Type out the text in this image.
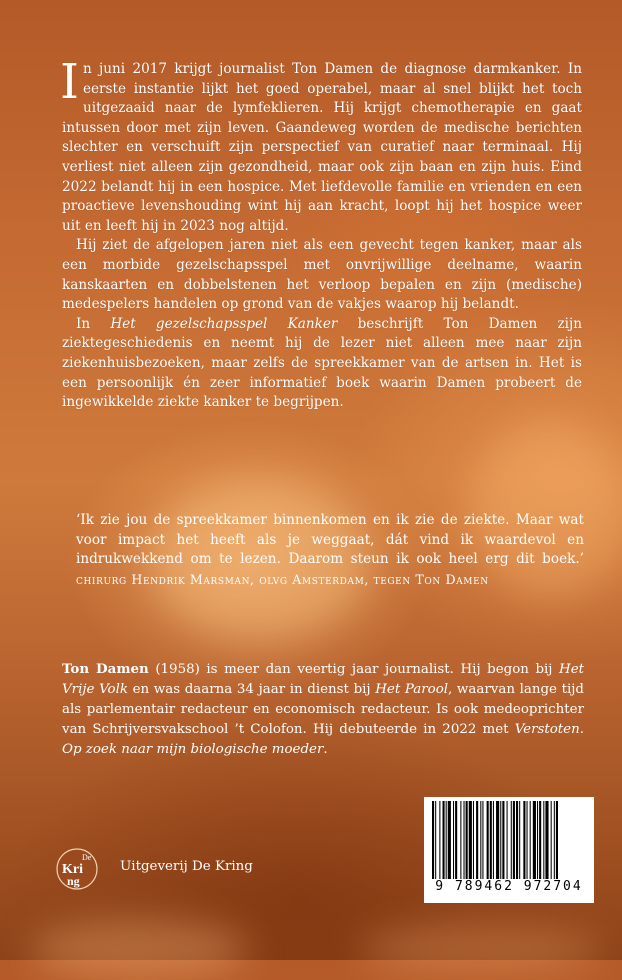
In juni 2017 krijgt journalist Ton Damen de diagnose darmkanker. In eerste instantie lijkt het goed operabel, maar al snel blijkt het toch uitgezaaid naar de lymfeklieren. Hij krijgt chemotherapie en gaat intussen door met zijn leven. Gaandeweg worden de medische berichten slechter en verschuift zijn perspectief van curatief naar terminaal. Hij verliest niet alleen zijn gezondheid, maar ook zijn baan en zijn huis. Eind 2022 belandt hij in een hospice. Met liefdevolle familie en vrienden en een proactieve levenshouding wint hij aan kracht, loopt hij het hospice weer uit en leeft hij in 2023 nog altijd.

Hij ziet de afgelopen jaren niet als een gevecht tegen kanker, maar als een morbide gezelschapsspel met onvrijwillige deelname, waarin kanskaarten en dobbelstenen het verloop bepalen en zijn (medische) medespelers handelen op grond van de vakjes waarop hij belandt.

In Het gezelschapsspel Kanker beschrijft Ton Damen zijn ziektegeschiedenis en neemt hij de lezer niet alleen mee naar zijn ziekenhuisbezoeken, maar zelfs de spreekkamer van de artsen in. Het is een persoonlijk én zeer informatief boek waarin Damen probeert de ingewikkelde ziekte kanker te begrijpen.

‘Ik zie jou de spreekkamer binnenkomen en ik zie de ziekte. Maar wat voor impact het heeft als je weggaat, dát vind ik waardevol en indrukwekkend om te lezen. Daarom steun ik ook heel erg dit boek.’ chirurg Hendrik Marsman, olvg Amsterdam, tegen Ton Damen
Ton Damen (1958) is meer dan veertig jaar journalist. Hij begon bij Het Vrije Volk en was daarna 34 jaar in dienst bij Het Parool, waarvan lange tijd als parlementair redacteur en economisch redacteur. Is ook medeoprichter van Schrijversvakschool ’t Colofon. Hij debuteerde in 2022 met Verstoten. Op zoek naar mijn biologische moeder.
De
Kri
ng
Uitgeverij De Kring
9 789462 972704
